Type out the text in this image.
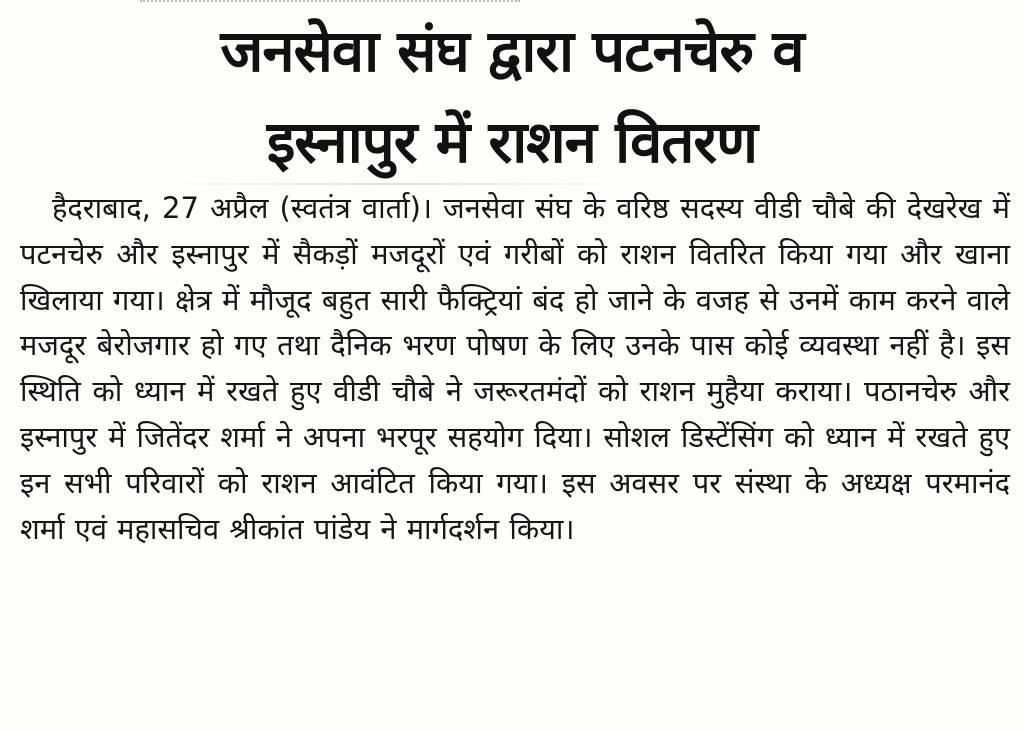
जनसेवा संघ द्वारा पटनचेरु व
इस्नापुर में राशन वितरण

हैदराबाद, 27 अप्रैल (स्वतंत्र वार्ता)। जनसेवा संघ के वरिष्ठ सदस्य वीडी चौबे की देखरेख में पटनचेरु और इस्नापुर में सैकड़ों मजदूरों एवं गरीबों को राशन वितरित किया गया और खाना खिलाया गया। क्षेत्र में मौजूद बहुत सारी फैक्ट्रियां बंद हो जाने के वजह से उनमें काम करने वाले मजदूर बेरोजगार हो गए तथा दैनिक भरण पोषण के लिए उनके पास कोई व्यवस्था नहीं है। इस स्थिति को ध्यान में रखते हुए वीडी चौबे ने जरूरतमंदों को राशन मुहैया कराया। पठानचेरु और इस्नापुर में जितेंदर शर्मा ने अपना भरपूर सहयोग दिया। सोशल डिस्टेंसिंग को ध्यान में रखते हुए इन सभी परिवारों को राशन आवंटित किया गया। इस अवसर पर संस्था के अध्यक्ष परमानंद शर्मा एवं महासचिव श्रीकांत पांडेय ने मार्गदर्शन किया।
